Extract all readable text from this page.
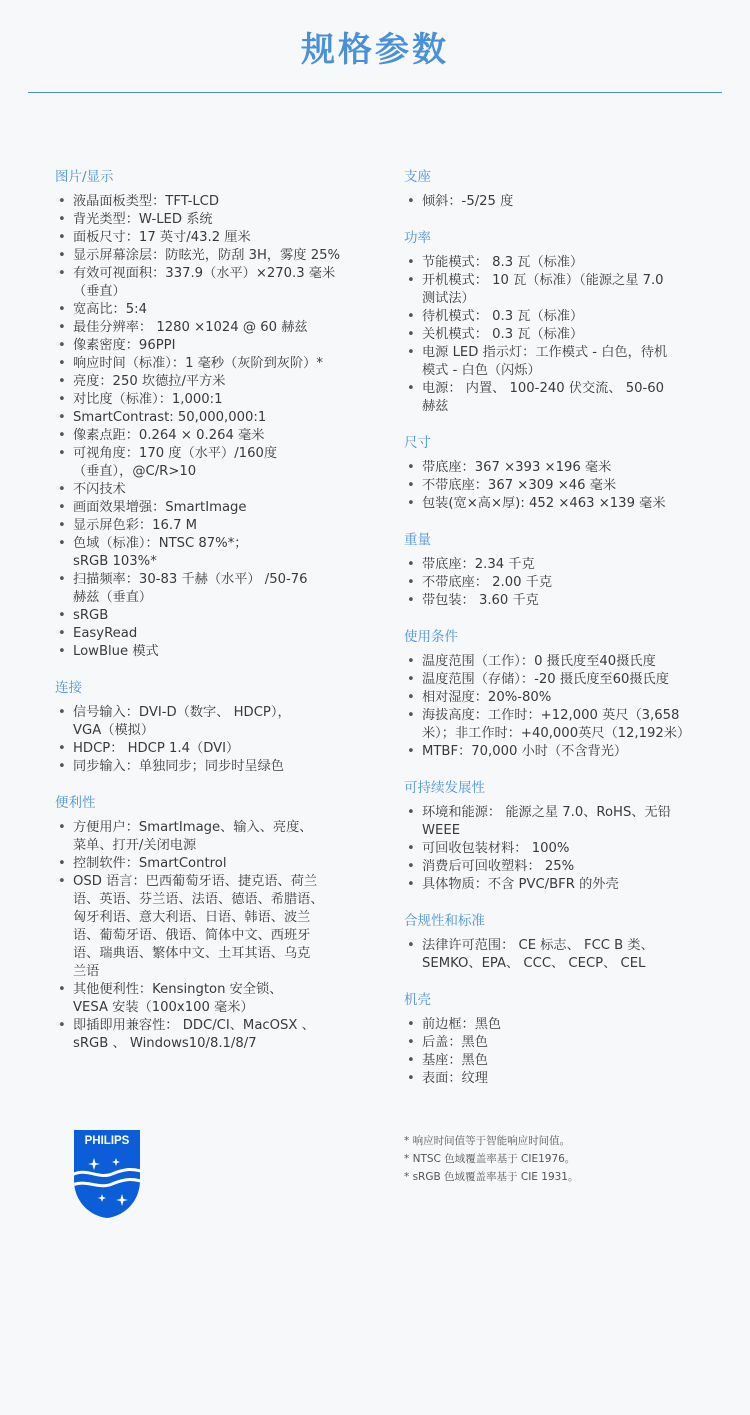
规格参数
图片/显示
• 液晶面板类型：TFT-LCD
• 背光类型：W-LED 系统
• 面板尺寸：17 英寸/43.2 厘米
• 显示屏幕涂层：防眩光，防刮 3H，雾度 25%
• 有效可视面积：337.9（水平）×270.3 毫米
（垂直）
• 宽高比：5:4
• 最佳分辨率： 1280 ×1024 @ 60 赫兹
• 像素密度：96PPI
• 响应时间（标准）：1 毫秒（灰阶到灰阶）*
• 亮度：250 坎德拉/平方米
• 对比度（标准）：1,000:1
• SmartContrast: 50,000,000:1
• 像素点距：0.264 × 0.264 毫米
• 可视角度：170 度（水平）/160度
（垂直），@C/R>10
• 不闪技术
• 画面效果增强：SmartImage
• 显示屏色彩：16.7 M
• 色域（标准）：NTSC 87%*；
sRGB 103%*
• 扫描频率：30-83 千赫（水平） /50-76
赫兹（垂直）
• sRGB
• EasyRead
• LowBlue 模式
连接
• 信号输入：DVI-D（数字、 HDCP），
VGA（模拟）
• HDCP： HDCP 1.4（DVI）
• 同步输入：单独同步；同步时呈绿色
便利性
• 方便用户：SmartImage、输入、亮度、
菜单、打开/关闭电源
• 控制软件：SmartControl
• OSD 语言：巴西葡萄牙语、捷克语、荷兰
语、英语、芬兰语、法语、德语、希腊语、
匈牙利语、意大利语、日语、韩语、波兰
语、葡萄牙语、俄语、简体中文、西班牙
语、瑞典语、繁体中文、土耳其语、乌克
兰语
• 其他便利性：Kensington 安全锁、
VESA 安装（100x100 毫米）
• 即插即用兼容性： DDC/CI、MacOSX 、
sRGB 、 Windows10/8.1/8/7
支座
• 倾斜：-5/25 度
功率
• 节能模式： 8.3 瓦（标准）
• 开机模式： 10 瓦（标准）（能源之星 7.0
测试法）
• 待机模式： 0.3 瓦（标准）
• 关机模式： 0.3 瓦（标准）
• 电源 LED 指示灯：工作模式 - 白色，待机
模式 - 白色（闪烁）
• 电源： 内置、 100-240 伏交流、 50-60
赫兹
尺寸
• 带底座：367 ×393 ×196 毫米
• 不带底座：367 ×309 ×46 毫米
• 包装(宽×高×厚): 452 ×463 ×139 毫米
重量
• 带底座：2.34 千克
• 不带底座： 2.00 千克
• 带包装： 3.60 千克
使用条件
• 温度范围（工作）：0 摄氏度至40摄氏度
• 温度范围（存储）：-20 摄氏度至60摄氏度
• 相对湿度：20%-80%
• 海拔高度：工作时：+12,000 英尺（3,658
米）；非工作时：+40,000英尺（12,192米）
• MTBF：70,000 小时（不含背光）
可持续发展性
• 环境和能源： 能源之星 7.0、RoHS、无铅
WEEE
• 可回收包装材料： 100%
• 消费后可回收塑料： 25%
• 具体物质：不含 PVC/BFR 的外壳
合规性和标准
• 法律许可范围： CE 标志、 FCC B 类、
SEMKO、EPA、 CCC、 CECP、 CEL
机壳
• 前边框：黑色
• 后盖：黑色
• 基座：黑色
• 表面：纹理
PHILIPS	* 响应时间值等于智能响应时间值。
* NTSC 色域覆盖率基于 CIE1976。
* sRGB 色域覆盖率基于 CIE 1931。
